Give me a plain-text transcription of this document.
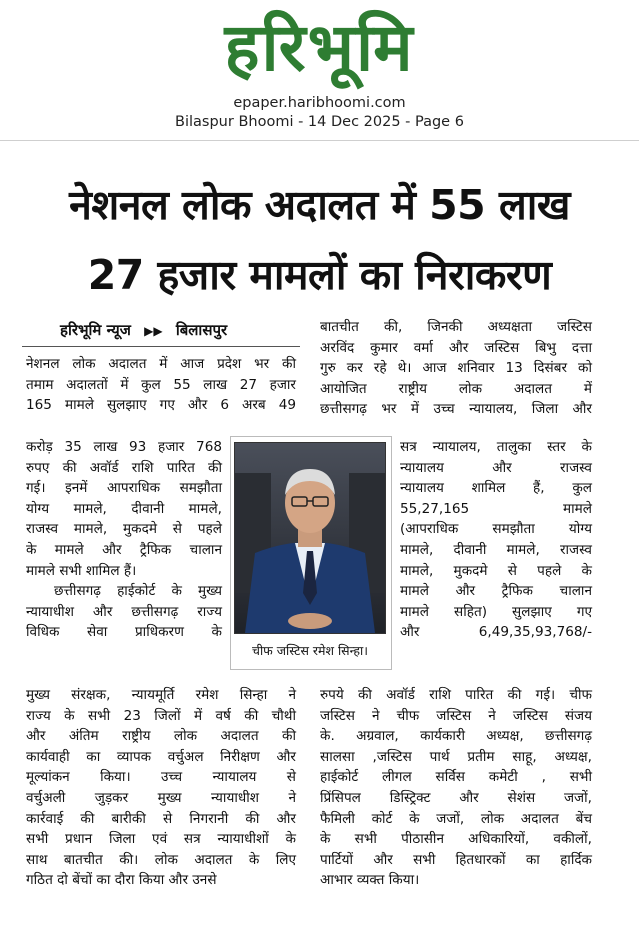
हरिभूमि
epaper.haribhoomi.com
Bilaspur Bhoomi - 14 Dec 2025 - Page 6
नेशनल लोक अदालत में 55 लाख
27 हजार मामलों का निराकरण
हरिभूमि न्यूज ▶▶ बिलासपुर

नेशनल लोक अदालत में आज प्रदेश भर की

तमाम अदालतों में कुल 55 लाख 27 हजार

165 मामले सुलझाए गए और 6 अरब 49

करोड़ 35 लाख 93 हजार 768

रुपए की अवॉर्ड राशि पारित की

गई। इनमें आपराधिक समझौता

योग्य मामले, दीवानी मामले,

राजस्व मामले, मुकदमे से पहले

के मामले और ट्रैफिक चालान

मामले सभी शामिल हैं।

छत्तीसगढ़ हाईकोर्ट के मुख्य

न्यायाधीश और छत्तीसगढ़ राज्य

विधिक सेवा प्राधिकरण के

मुख्य संरक्षक, न्यायमूर्ति रमेश सिन्हा ने

राज्य के सभी 23 जिलों में वर्ष की चौथी

और अंतिम राष्ट्रीय लोक अदालत की

कार्यवाही का व्यापक वर्चुअल निरीक्षण और

मूल्यांकन किया। उच्च न्यायालय से

वर्चुअली जुड़कर मुख्य न्यायाधीश ने

कार्रवाई की बारीकी से निगरानी की और

सभी प्रधान जिला एवं सत्र न्यायाधीशों के

साथ बातचीत की। लोक अदालत के लिए

गठित दो बेंचों का दौरा किया और उनसे

चीफ जस्टिस रमेश सिन्हा।

बातचीत की, जिनकी अध्यक्षता जस्टिस

अरविंद कुमार वर्मा और जस्टिस बिभु दत्ता

गुरु कर रहे थे। आज शनिवार 13 दिसंबर को

आयोजित राष्ट्रीय लोक अदालत में

छत्तीसगढ़ भर में उच्च न्यायालय, जिला और

सत्र न्यायालय, तालुका स्तर के

न्यायालय और राजस्व

न्यायालय शामिल हैं, कुल

55,27,165 मामले

(आपराधिक समझौता योग्य

मामले, दीवानी मामले, राजस्व

मामले, मुकदमे से पहले के

मामले और ट्रैफिक चालान

मामले सहित) सुलझाए गए

और 6,49,35,93,768/-

रुपये की अवॉर्ड राशि पारित की गई। चीफ

जस्टिस ने चीफ जस्टिस ने जस्टिस संजय

के. अग्रवाल, कार्यकारी अध्यक्ष, छत्तीसगढ़

सालसा ,जस्टिस पार्थ प्रतीम साहू, अध्यक्ष,

हाईकोर्ट लीगल सर्विस कमेटी , सभी

प्रिंसिपल डिस्ट्रिक्ट और सेशंस जजों,

फैमिली कोर्ट के जजों, लोक अदालत बेंच

के सभी पीठासीन अधिकारियों, वकीलों,

पार्टियों और सभी हितधारकों का हार्दिक

आभार व्यक्त किया।
